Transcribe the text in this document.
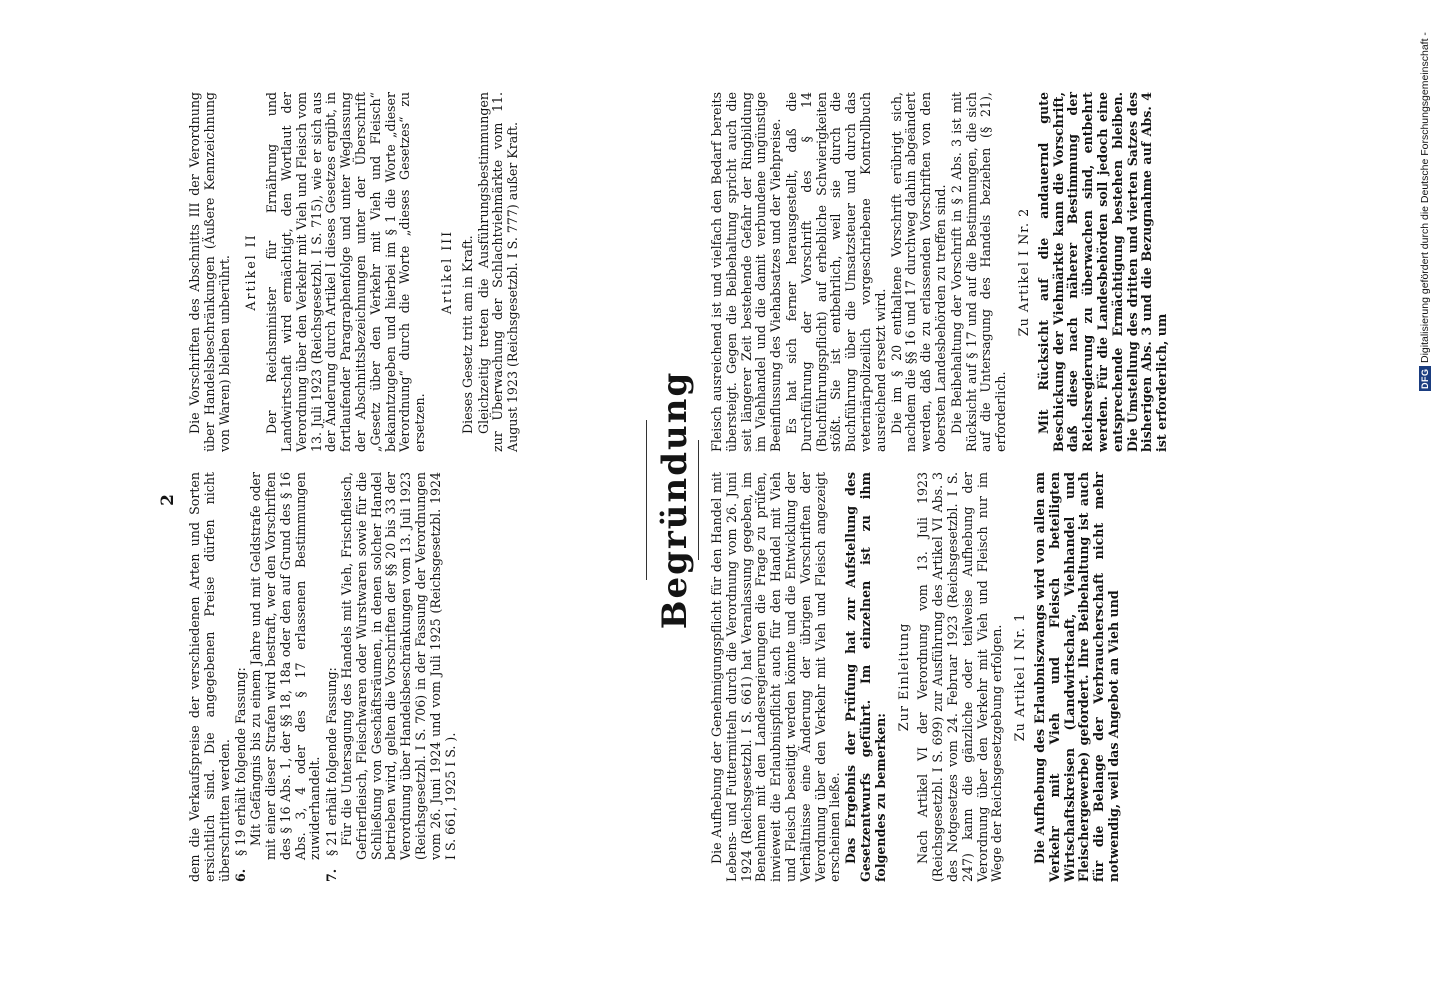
2 dem die Verkaufspreise der verschiedenen Arten und Sorten ersichtlich sind. Die angegebenen Preise dürfen nicht überschritten werden. 6. § 19 erhält folgende Fassung: Mit Gefängnis bis zu einem Jahre und mit Geldstrafe oder mit einer dieser Strafen wird bestraft, wer den Vorschriften des § 16 Abs. 1, der §§ 18, 18a oder den auf Grund des § 16 Abs. 3, 4 oder des § 17 erlassenen Bestimmungen zuwiderhandelt.
7. § 21 erhält folgende Fassung: Für die Untersagung des Handels mit Vieh, Frischfleisch, Gefrierfleisch, Fleischwaren oder Wurstwaren sowie für die Schließung von Geschäftsräumen, in denen solcher Handel betrieben wird, gelten die Vorschriften der §§ 20 bis 33 der Verordnung über Handelsbeschränkungen vom 13. Juli 1923 (Reichsgesetzbl. I S. 706) in der Fassung der Verordnungen vom 26. Juni 1924 und vom Juli 1925 (Reichsgesetzbl. 1924 I S. 661, 1925 I S. ).

Die Vorschriften des Abschnitts III der Verordnung über Handelsbeschränkungen (Äußere Kennzeichnung von Waren) bleiben unberührt. Artikel II Der Reichsminister für Ernährung und Landwirtschaft wird ermächtigt, den Wortlaut der Verordnung über den Verkehr mit Vieh und Fleisch vom 13. Juli 1923 (Reichsgesetzbl. I S. 715), wie er sich aus der Änderung durch Artikel I dieses Gesetzes ergibt, in fortlaufender Paragraphenfolge und unter Weglassung der Abschnittsbezeichnungen unter der Überschrift „Gesetz über den Verkehr mit Vieh und Fleisch“ bekanntzugeben und hierbei im § 1 die Worte „dieser Verordnung“ durch die Worte „dieses Gesetzes“ zu ersetzen.

Artikel III Dieses Gesetz tritt am in Kraft. Gleichzeitig treten die Ausführungsbestimmungen zur Überwachung der Schlachtviehmärkte vom 11. August 1923 (Reichsgesetzbl. I S. 777) außer Kraft.

Begründung Die Aufhebung der Genehmigungspflicht für den Handel mit Lebens- und Futtermitteln durch die Verordnung vom 26. Juni 1924 (Reichsgesetzbl. I S. 661) hat Veranlassung gegeben, im Benehmen mit den Landesregierungen die Frage zu prüfen, inwieweit die Erlaubnispflicht auch für den Handel mit Vieh und Fleisch beseitigt werden könnte und die Entwicklung der Verhältnisse eine Änderung der übrigen Vorschriften der Verordnung über den Verkehr mit Vieh und Fleisch angezeigt erscheinen ließe. Das Ergebnis der Prüfung hat zur Aufstellung des Gesetzentwurfs geführt. Im einzelnen ist zu ihm folgendes zu bemerken:

Zur Einleitung Nach Artikel VI der Verordnung vom 13. Juli 1923 (Reichsgesetzbl. I S. 699) zur Ausführung des Artikel VI Abs. 3 des Notgesetzes vom 24. Februar 1923 (Reichsgesetzbl. I S. 247) kann die gänzliche oder teilweise Aufhebung der Verordnung über den Verkehr mit Vieh und Fleisch nur im Wege der Reichsgesetzgebung erfolgen. Zu Artikel I Nr. 1 Die Aufhebung des Erlaubniszwangs wird von allen am Verkehr mit Vieh und Fleisch beteiligten Wirtschaftskreisen (Landwirtschaft, Viehhandel und Fleischergewerbe) gefordert. Ihre Beibehaltung ist auch für die Belange der Verbraucherschaft nicht mehr notwendig, weil das Angebot an Vieh und

Fleisch ausreichend ist und vielfach den Bedarf bereits übersteigt. Gegen die Beibehaltung spricht auch die seit längerer Zeit bestehende Gefahr der Ringbildung im Viehhandel und die damit verbundene ungünstige Beeinflussung des Viehabsatzes und der Viehpreise. Es hat sich ferner herausgestellt, daß die Durchführung der Vorschrift des § 14 (Buchführungspflicht) auf erhebliche Schwierigkeiten stößt. Sie ist entbehrlich, weil sie durch die Buchführung über die Umsatzsteuer und durch das veterinärpolizeilich vorgeschriebene Kontrollbuch ausreichend ersetzt wird. Die im § 20 enthaltene Vorschrift erübrigt sich, nachdem die §§ 16 und 17 durchweg dahin abgeändert werden, daß die zu erlassenden Vorschriften von den obersten Landesbehörden zu treffen sind. Die Beibehaltung der Vorschrift in § 2 Abs. 3 ist mit Rücksicht auf § 17 und auf die Bestimmungen, die sich auf die Untersagung des Handels beziehen (§ 21), erforderlich.

Zu Artikel I Nr. 2 Mit Rücksicht auf die andauernd gute Beschickung der Viehmärkte kann die Vorschrift, daß diese nach näherer Bestimmung der Reichsregierung zu überwachen sind, entbehrt werden. Für die Landesbehörden soll jedoch eine entsprechende Ermächtigung bestehen bleiben. Die Umstellung des dritten und vierten Satzes des bisherigen Abs. 3 und die Bezugnahme auf Abs. 4 ist erforderlich, um	DFG
Digitalisierung gefördert durch die Deutsche Forschungsgemeinschaft -
